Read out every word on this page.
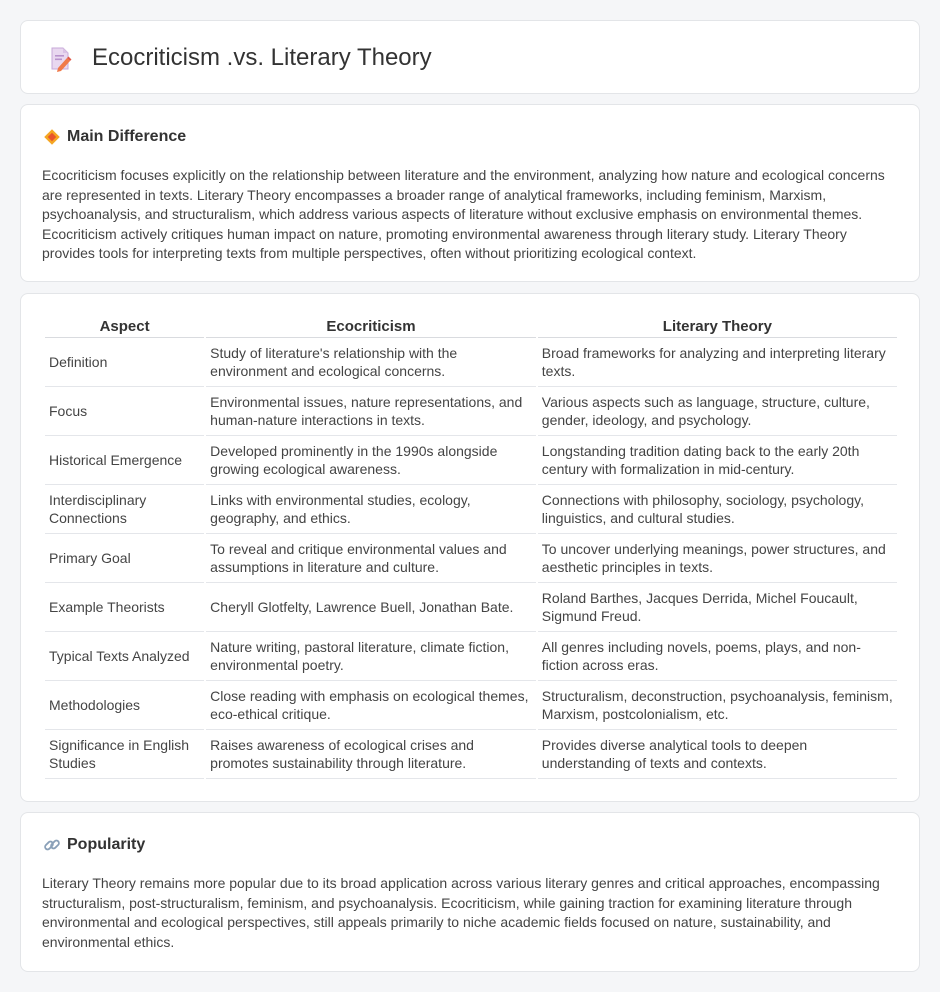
Ecocriticism .vs. Literary Theory
Main Difference

Ecocriticism focuses explicitly on the relationship between literature and the environment, analyzing how nature and ecological concerns are represented in texts. Literary Theory encompasses a broader range of analytical frameworks, including feminism, Marxism, psychoanalysis, and structuralism, which address various aspects of literature without exclusive emphasis on environmental themes. Ecocriticism actively critiques human impact on nature, promoting environmental awareness through literary study. Literary Theory provides tools for interpreting texts from multiple perspectives, often without prioritizing ecological context.

Aspect	Ecocriticism	Literary Theory
Definition	Study of literature's relationship with the environment and ecological concerns.	Broad frameworks for analyzing and interpreting literary texts.
Focus	Environmental issues, nature representations, and human-nature interactions in texts.	Various aspects such as language, structure, culture, gender, ideology, and psychology.
Historical Emergence	Developed prominently in the 1990s alongside growing ecological awareness.	Longstanding tradition dating back to the early 20th century with formalization in mid-century.
Interdisciplinary Connections	Links with environmental studies, ecology, geography, and ethics.	Connections with philosophy, sociology, psychology, linguistics, and cultural studies.
Primary Goal	To reveal and critique environmental values and assumptions in literature and culture.	To uncover underlying meanings, power structures, and aesthetic principles in texts.
Example Theorists	Cheryll Glotfelty, Lawrence Buell, Jonathan Bate.	Roland Barthes, Jacques Derrida, Michel Foucault, Sigmund Freud.
Typical Texts Analyzed	Nature writing, pastoral literature, climate fiction, environmental poetry.	All genres including novels, poems, plays, and non-fiction across eras.
Methodologies	Close reading with emphasis on ecological themes, eco-ethical critique.	Structuralism, deconstruction, psychoanalysis, feminism, Marxism, postcolonialism, etc.
Significance in English Studies	Raises awareness of ecological crises and promotes sustainability through literature.	Provides diverse analytical tools to deepen understanding of texts and contexts.
Popularity

Literary Theory remains more popular due to its broad application across various literary genres and critical approaches, encompassing structuralism, post-structuralism, feminism, and psychoanalysis. Ecocriticism, while gaining traction for examining literature through environmental and ecological perspectives, still appeals primarily to niche academic fields focused on nature, sustainability, and environmental ethics.
